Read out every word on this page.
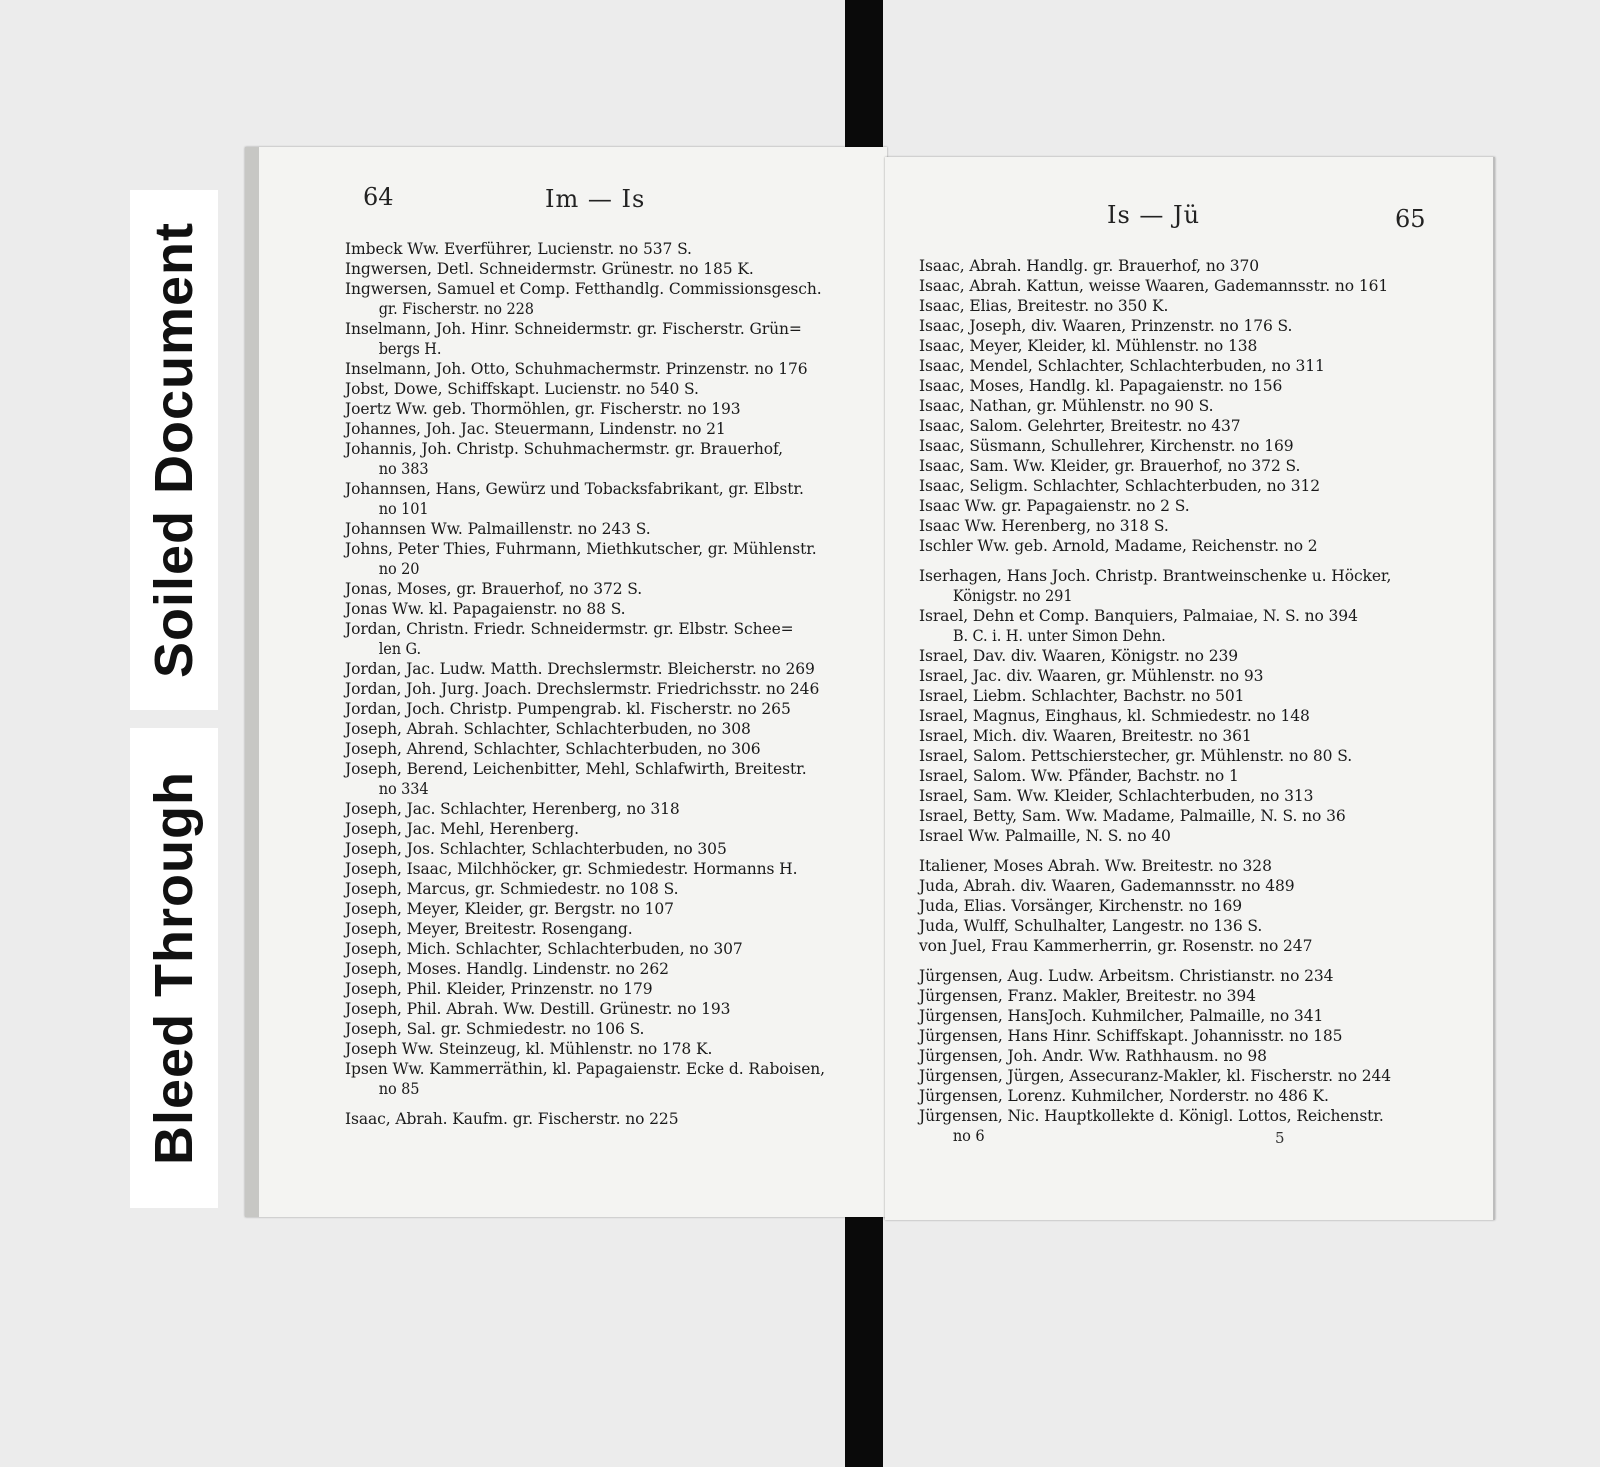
Soiled Document
Bleed Through
64	Im — Is
Imbeck Ww. Everführer, Lucienstr. no 537 S.
Ingwersen, Detl. Schneidermstr. Grünestr. no 185 K.
Ingwersen, Samuel et Comp. Fetthandlg. Commissionsgesch.
gr. Fischerstr. no 228
Inselmann, Joh. Hinr. Schneidermstr. gr. Fischerstr. Grün=
bergs H.
Inselmann, Joh. Otto, Schuhmachermstr. Prinzenstr. no 176
Jobst, Dowe, Schiffskapt. Lucienstr. no 540 S.
Joertz Ww. geb. Thormöhlen, gr. Fischerstr. no 193
Johannes, Joh. Jac. Steuermann, Lindenstr. no 21
Johannis, Joh. Christp. Schuhmachermstr. gr. Brauerhof,
no 383
Johannsen, Hans, Gewürz und Tobacksfabrikant, gr. Elbstr.
no 101
Johannsen Ww. Palmaillenstr. no 243 S.
Johns, Peter Thies, Fuhrmann, Miethkutscher, gr. Mühlenstr.
no 20
Jonas, Moses, gr. Brauerhof, no 372 S.
Jonas Ww. kl. Papagaienstr. no 88 S.
Jordan, Christn. Friedr. Schneidermstr. gr. Elbstr. Schee=
len G.
Jordan, Jac. Ludw. Matth. Drechslermstr. Bleicherstr. no 269
Jordan, Joh. Jurg. Joach. Drechslermstr. Friedrichsstr. no 246
Jordan, Joch. Christp. Pumpengrab. kl. Fischerstr. no 265
Joseph, Abrah. Schlachter, Schlachterbuden, no 308
Joseph, Ahrend, Schlachter, Schlachterbuden, no 306
Joseph, Berend, Leichenbitter, Mehl, Schlafwirth, Breitestr.
no 334
Joseph, Jac. Schlachter, Herenberg, no 318
Joseph, Jac. Mehl, Herenberg.
Joseph, Jos. Schlachter, Schlachterbuden, no 305
Joseph, Isaac, Milchhöcker, gr. Schmiedestr. Hormanns H.
Joseph, Marcus, gr. Schmiedestr. no 108 S.
Joseph, Meyer, Kleider, gr. Bergstr. no 107
Joseph, Meyer, Breitestr. Rosengang.
Joseph, Mich. Schlachter, Schlachterbuden, no 307
Joseph, Moses. Handlg. Lindenstr. no 262
Joseph, Phil. Kleider, Prinzenstr. no 179
Joseph, Phil. Abrah. Ww. Destill. Grünestr. no 193
Joseph, Sal. gr. Schmiedestr. no 106 S.
Joseph Ww. Steinzeug, kl. Mühlenstr. no 178 K.
Ipsen Ww. Kammerräthin, kl. Papagaienstr. Ecke d. Raboisen,
no 85
Isaac, Abrah. Kaufm. gr. Fischerstr. no 225
Is — Jü	65
Isaac, Abrah. Handlg. gr. Brauerhof, no 370
Isaac, Abrah. Kattun, weisse Waaren, Gademannsstr. no 161
Isaac, Elias, Breitestr. no 350 K.
Isaac, Joseph, div. Waaren, Prinzenstr. no 176 S.
Isaac, Meyer, Kleider, kl. Mühlenstr. no 138
Isaac, Mendel, Schlachter, Schlachterbuden, no 311
Isaac, Moses, Handlg. kl. Papagaienstr. no 156
Isaac, Nathan, gr. Mühlenstr. no 90 S.
Isaac, Salom. Gelehrter, Breitestr. no 437
Isaac, Süsmann, Schullehrer, Kirchenstr. no 169
Isaac, Sam. Ww. Kleider, gr. Brauerhof, no 372 S.
Isaac, Seligm. Schlachter, Schlachterbuden, no 312
Isaac Ww. gr. Papagaienstr. no 2 S.
Isaac Ww. Herenberg, no 318 S.
Ischler Ww. geb. Arnold, Madame, Reichenstr. no 2
Iserhagen, Hans Joch. Christp. Brantweinschenke u. Höcker,
Königstr. no 291
Israel, Dehn et Comp. Banquiers, Palmaiae, N. S. no 394
B. C. i. H. unter Simon Dehn.
Israel, Dav. div. Waaren, Königstr. no 239
Israel, Jac. div. Waaren, gr. Mühlenstr. no 93
Israel, Liebm. Schlachter, Bachstr. no 501
Israel, Magnus, Einghaus, kl. Schmiedestr. no 148
Israel, Mich. div. Waaren, Breitestr. no 361
Israel, Salom. Pettschierstecher, gr. Mühlenstr. no 80 S.
Israel, Salom. Ww. Pfänder, Bachstr. no 1
Israel, Sam. Ww. Kleider, Schlachterbuden, no 313
Israel, Betty, Sam. Ww. Madame, Palmaille, N. S. no 36
Israel Ww. Palmaille, N. S. no 40
Italiener, Moses Abrah. Ww. Breitestr. no 328
Juda, Abrah. div. Waaren, Gademannsstr. no 489
Juda, Elias. Vorsänger, Kirchenstr. no 169
Juda, Wulff, Schulhalter, Langestr. no 136 S.
von Juel, Frau Kammerherrin, gr. Rosenstr. no 247
Jürgensen, Aug. Ludw. Arbeitsm. Christianstr. no 234
Jürgensen, Franz. Makler, Breitestr. no 394
Jürgensen, HansJoch. Kuhmilcher, Palmaille, no 341
Jürgensen, Hans Hinr. Schiffskapt. Johannisstr. no 185
Jürgensen, Joh. Andr. Ww. Rathhausm. no 98
Jürgensen, Jürgen, Assecuranz-Makler, kl. Fischerstr. no 244
Jürgensen, Lorenz. Kuhmilcher, Norderstr. no 486 K.
Jürgensen, Nic. Hauptkollekte d. Königl. Lottos, Reichenstr.
no 6	5
